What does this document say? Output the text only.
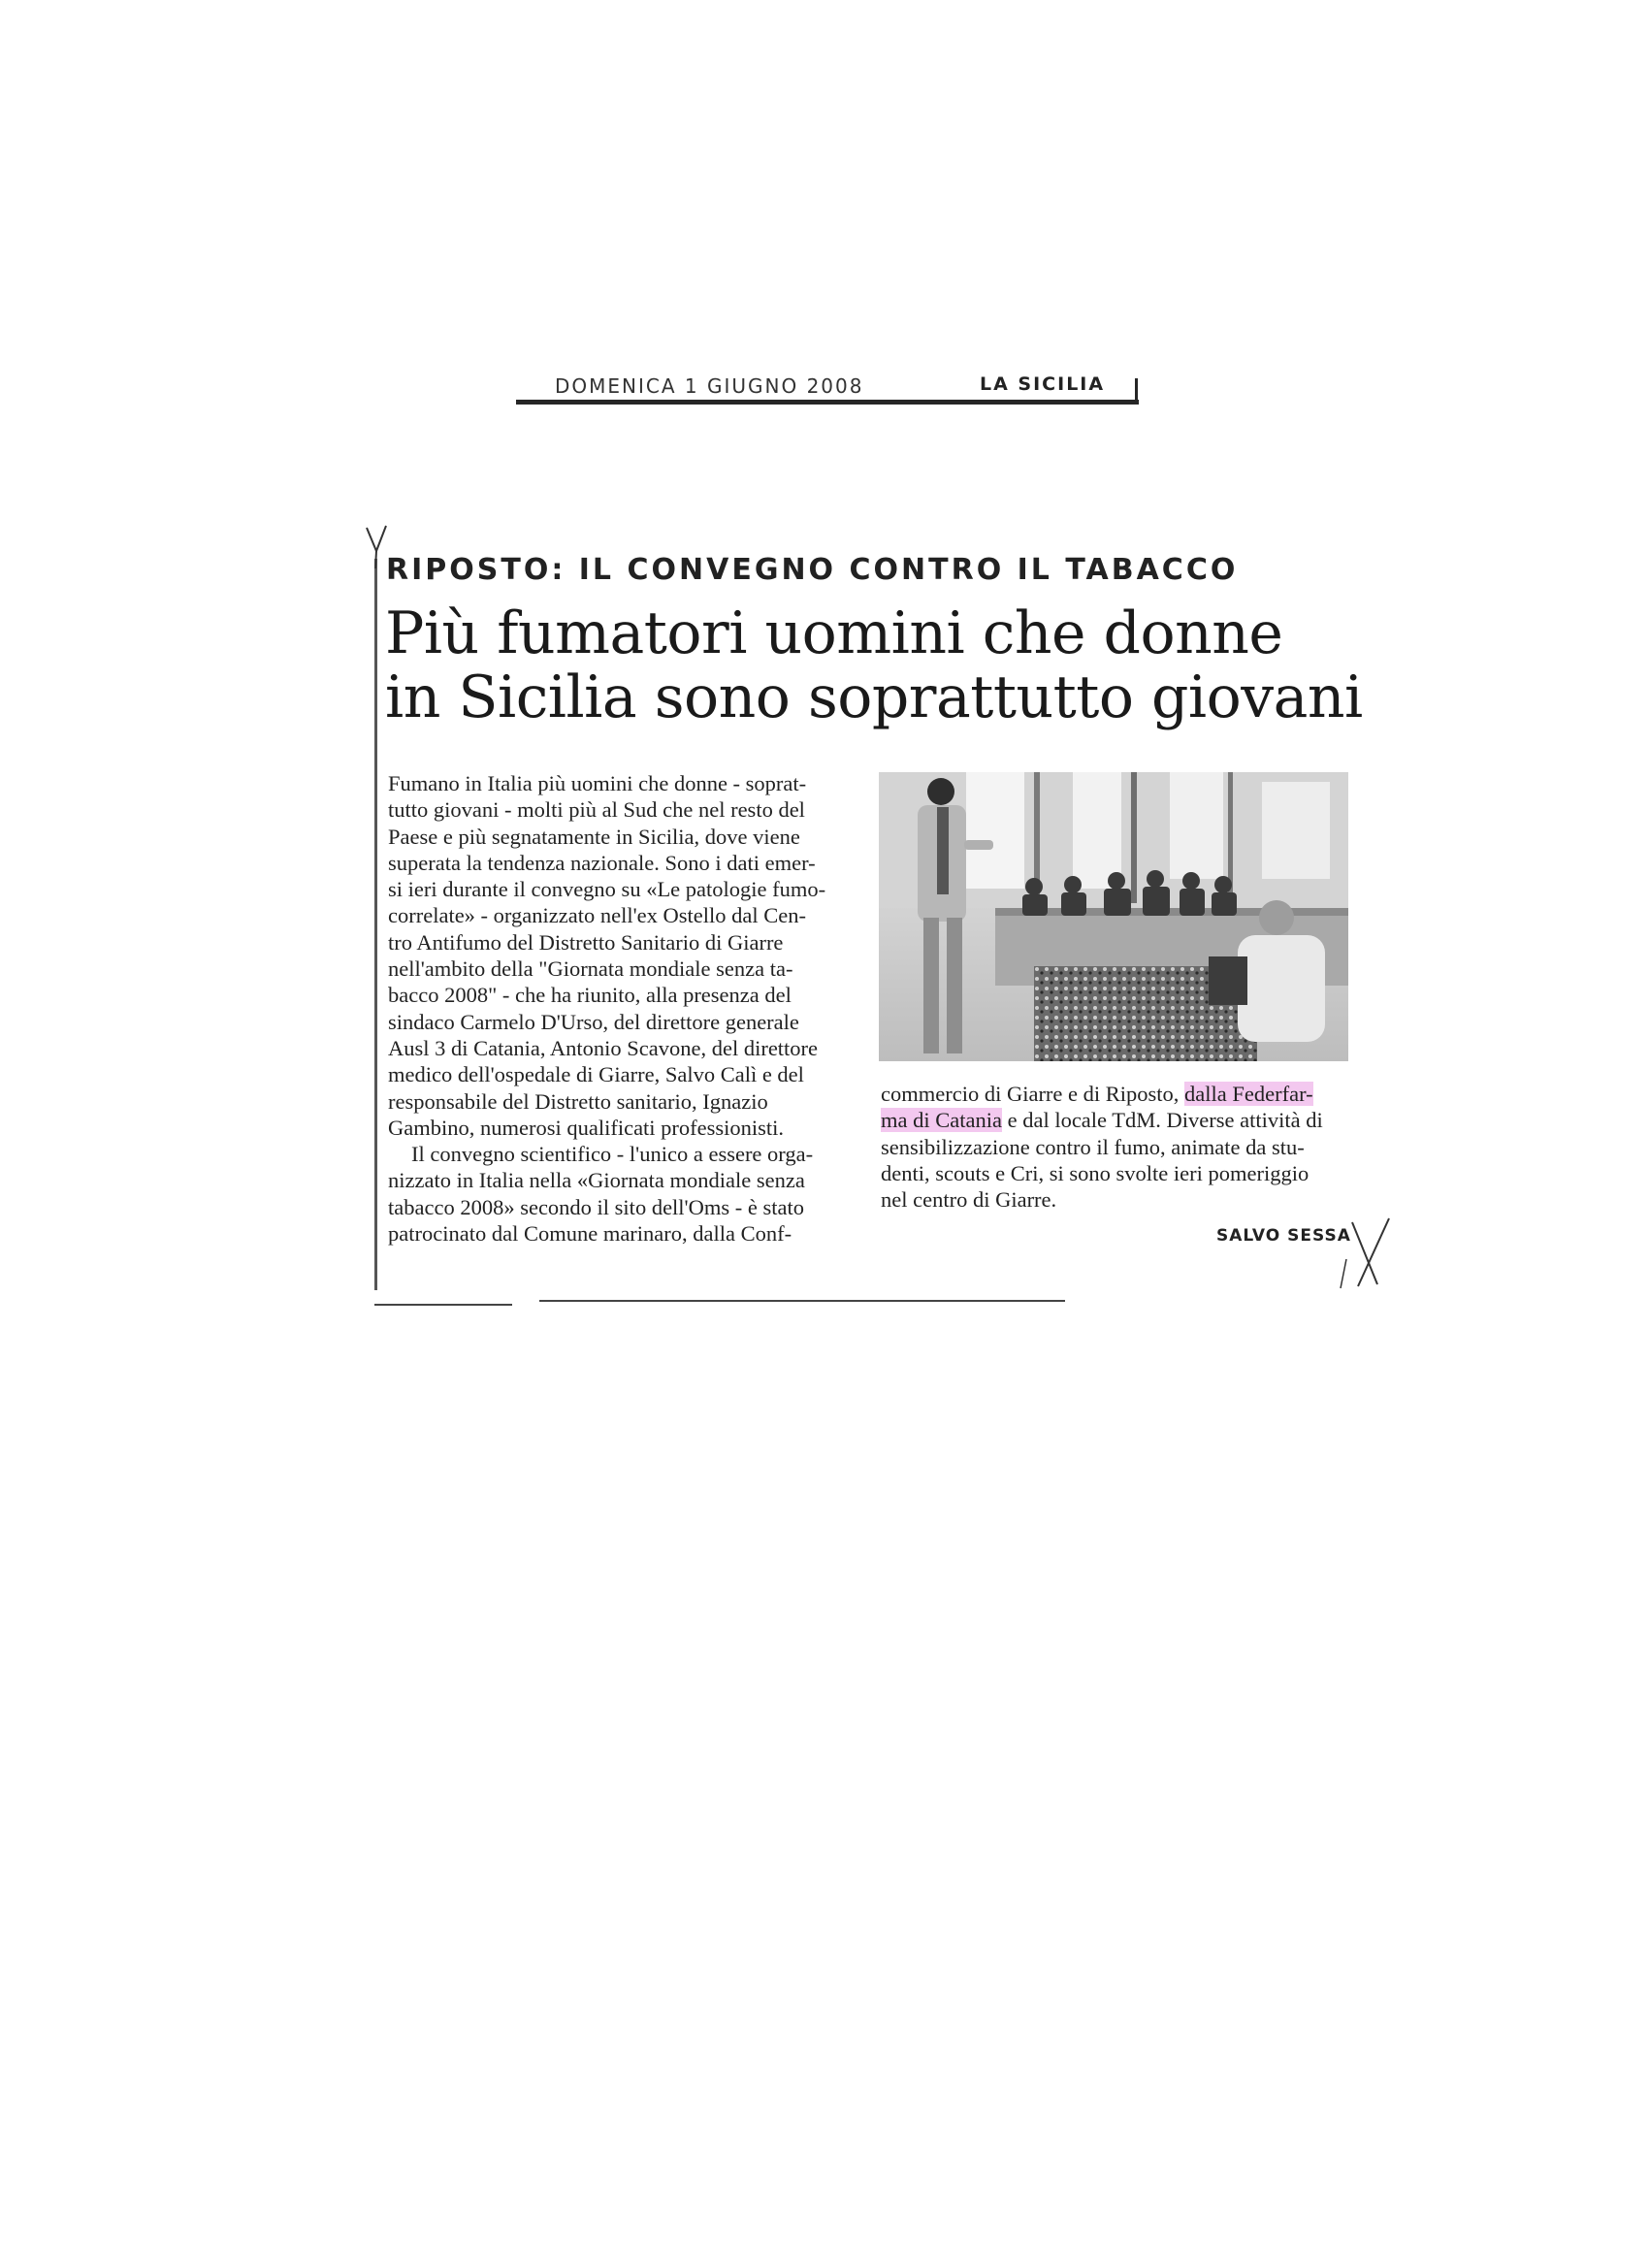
DOMENICA 1 GIUGNO 2008	LA SICILIA
RIPOSTO: IL CONVEGNO CONTRO IL TABACCO
Più fumatori uomini che donne
in Sicilia sono soprattutto giovani
Fumano in Italia più uomini che donne - soprat-
tutto giovani - molti più al Sud che nel resto del
Paese e più segnatamente in Sicilia, dove viene
superata la tendenza nazionale. Sono i dati emer-
si ieri durante il convegno su «Le patologie fumo-
correlate» - organizzato nell'ex Ostello dal Cen-
tro Antifumo del Distretto Sanitario di Giarre
nell'ambito della "Giornata mondiale senza ta-
bacco 2008" - che ha riunito, alla presenza del
sindaco Carmelo D'Urso, del direttore generale
Ausl 3 di Catania, Antonio Scavone, del direttore
medico dell'ospedale di Giarre, Salvo Calì e del
responsabile del Distretto sanitario, Ignazio
Gambino, numerosi qualificati professionisti.
Il convegno scientifico - l'unico a essere orga-
nizzato in Italia nella «Giornata mondiale senza
tabacco 2008» secondo il sito dell'Oms - è stato
patrocinato dal Comune marinaro, dalla Conf-
commercio di Giarre e di Riposto, dalla Federfar-
ma di Catania e dal locale TdM. Diverse attività di
sensibilizzazione contro il fumo, animate da stu-
denti, scouts e Cri, si sono svolte ieri pomeriggio
nel centro di Giarre.
SALVO SESSA
